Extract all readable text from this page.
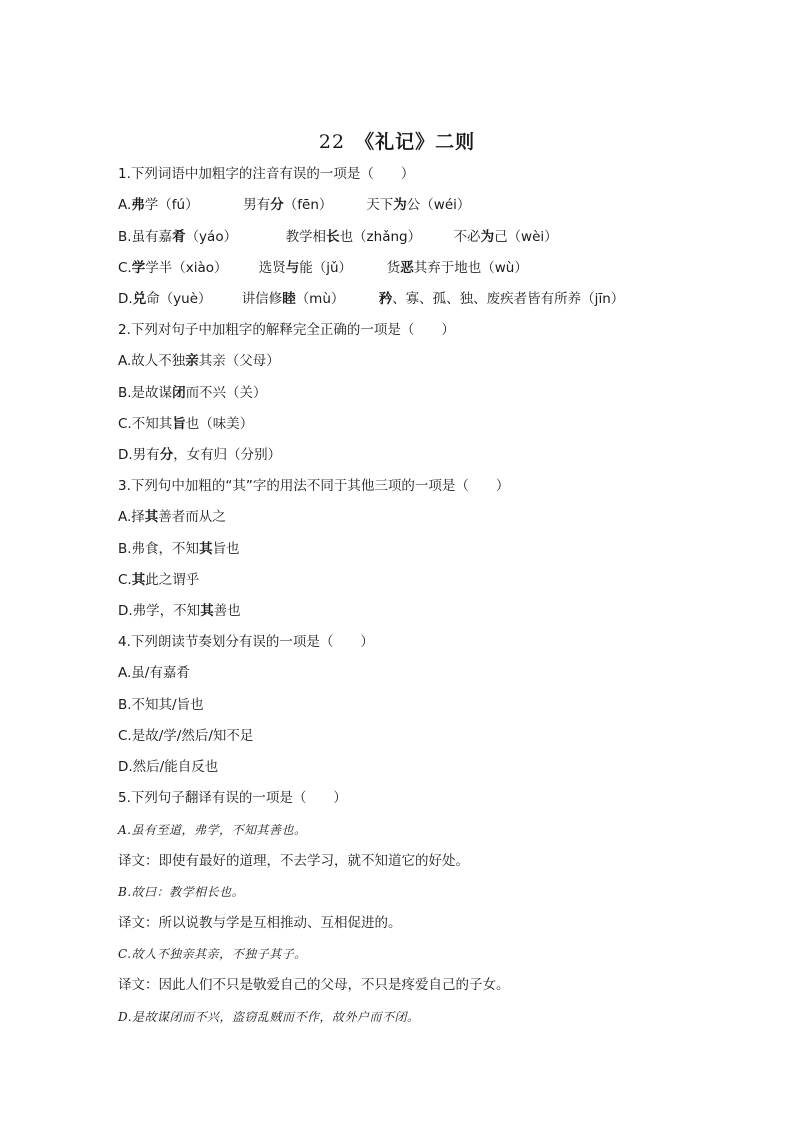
22 《礼记》二则
1.下列词语中加粗字的注音有误的一项是（　　）
A.弗学（fú）	男有分（fēn）	天下为公（wéi）
B.虽有嘉肴（yáo）	教学相长也（zhǎng） 不必为己（wèi）
C.学学半（xiào） 选贤与能（jǔ）	货恶其弃于地也（wù）
D.兑命（yuè） 讲信修睦（mù）	矜、寡、孤、独、废疾者皆有所养（jīn）
2.下列对句子中加粗字的解释完全正确的一项是（　　）
A.故人不独亲其亲（父母）
B.是故谋闭而不兴（关）
C.不知其旨也（味美）
D.男有分，女有归（分别）
3.下列句中加粗的“其”字的用法不同于其他三项的一项是（　　）
A.择其善者而从之
B.弗食，不知其旨也
C.其此之谓乎
D.弗学，不知其善也
4.下列朗读节奏划分有误的一项是（　　）
A.虽/有嘉肴
B.不知其/旨也
C.是故/学/然后/知不足
D.然后/能自反也
5.下列句子翻译有误的一项是（　　）
A.虽有至道，弗学，不知其善也。
译文：即使有最好的道理，不去学习，就不知道它的好处。
B.故曰：教学相长也。
译文：所以说教与学是互相推动、互相促进的。
C.故人不独亲其亲，不独子其子。
译文：因此人们不只是敬爱自己的父母，不只是疼爱自己的子女。
D.是故谋闭而不兴，盗窃乱贼而不作，故外户而不闭。
